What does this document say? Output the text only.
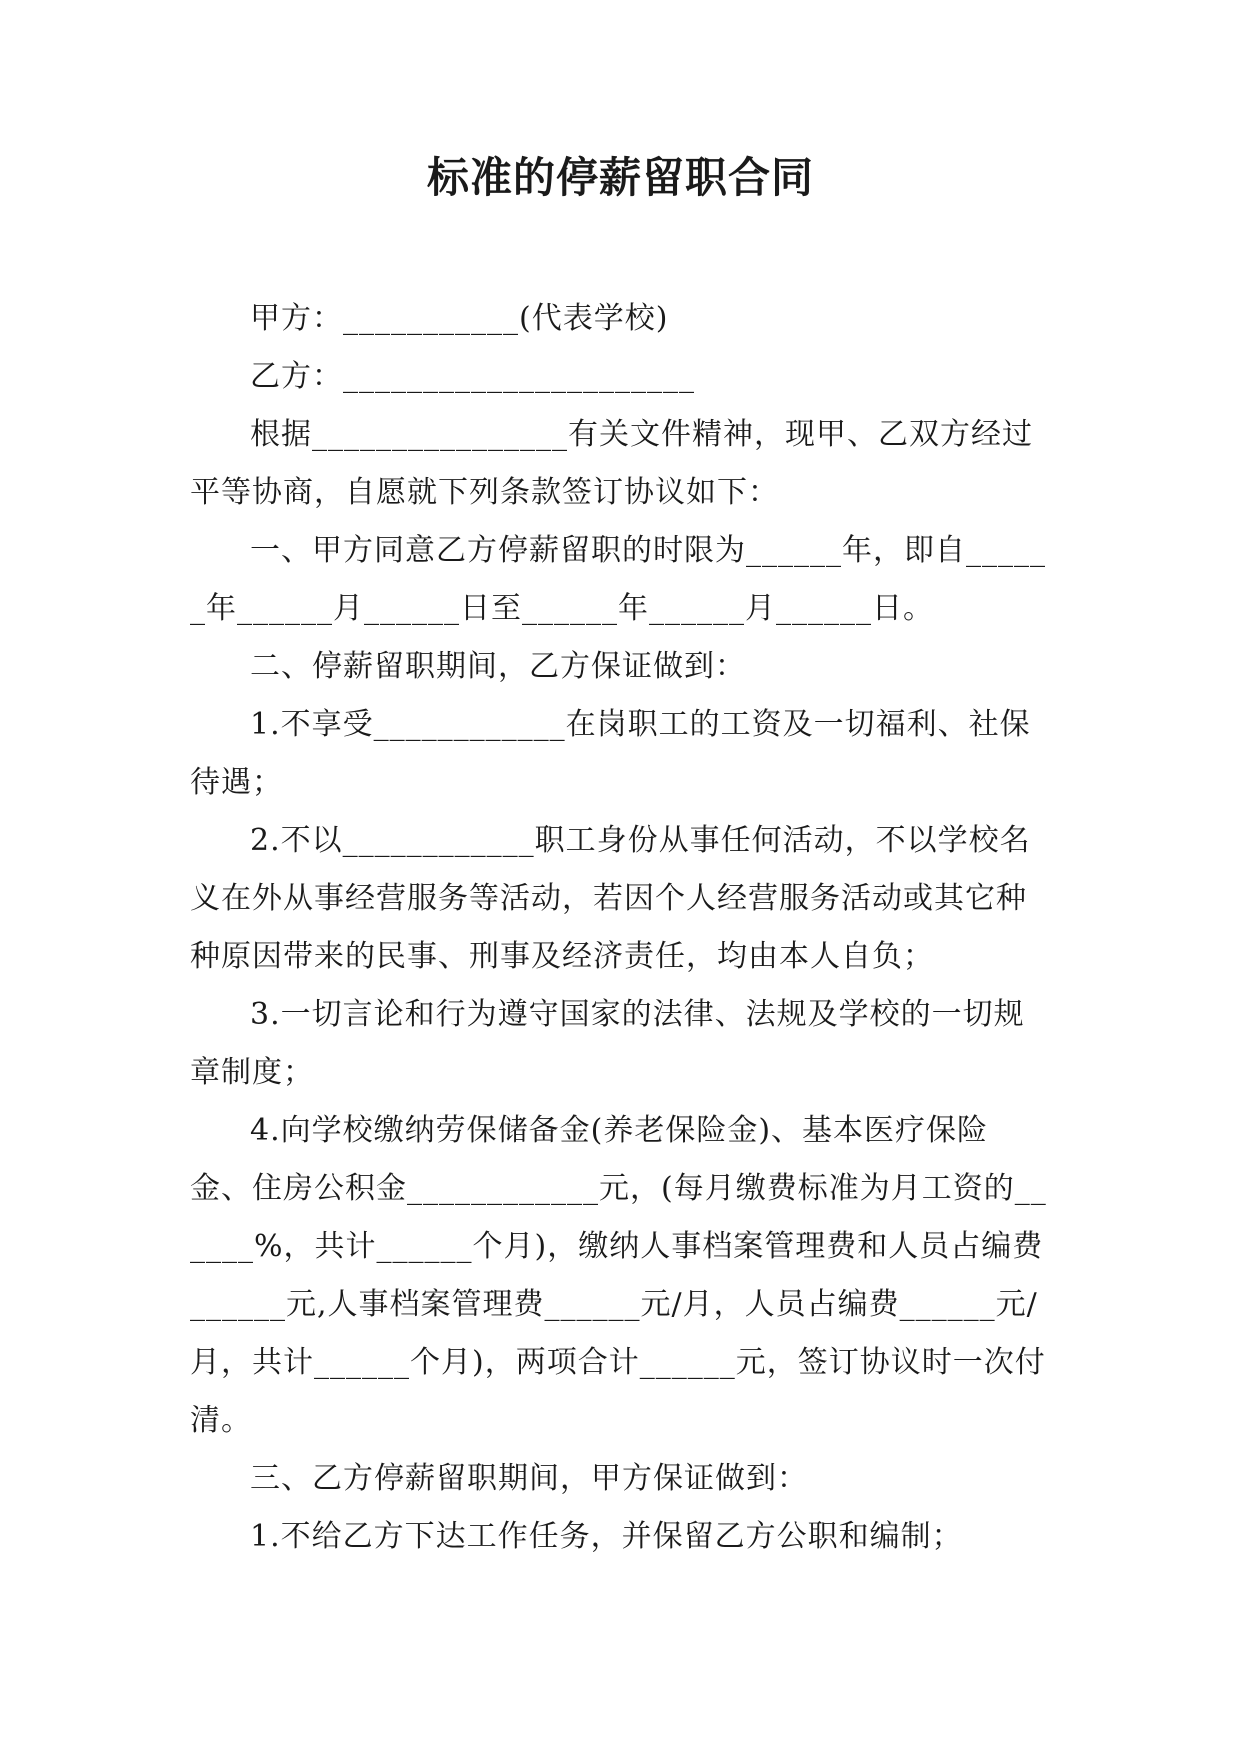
标准的停薪留职合同

甲方：___________(代表学校)

乙方：______________________

根据________________有关文件精神，现甲、乙双方经过平等协商，自愿就下列条款签订协议如下：

一、甲方同意乙方停薪留职的时限为______年，即自______年______月______日至______年______月______日。

二、停薪留职期间，乙方保证做到：

1.不享受____________在岗职工的工资及一切福利、社保待遇；

2.不以____________职工身份从事任何活动，不以学校名义在外从事经营服务等活动，若因个人经营服务活动或其它种种原因带来的民事、刑事及经济责任，均由本人自负；

3.一切言论和行为遵守国家的法律、法规及学校的一切规章制度；

4.向学校缴纳劳保储备金(养老保险金)、基本医疗保险金、住房公积金____________元，(每月缴费标准为月工资的______%，共计______个月)，缴纳人事档案管理费和人员占编费______元,人事档案管理费______元/月，人员占编费______元/月，共计______个月)，两项合计______元，签订协议时一次付清。

三、乙方停薪留职期间，甲方保证做到：

1.不给乙方下达工作任务，并保留乙方公职和编制；
